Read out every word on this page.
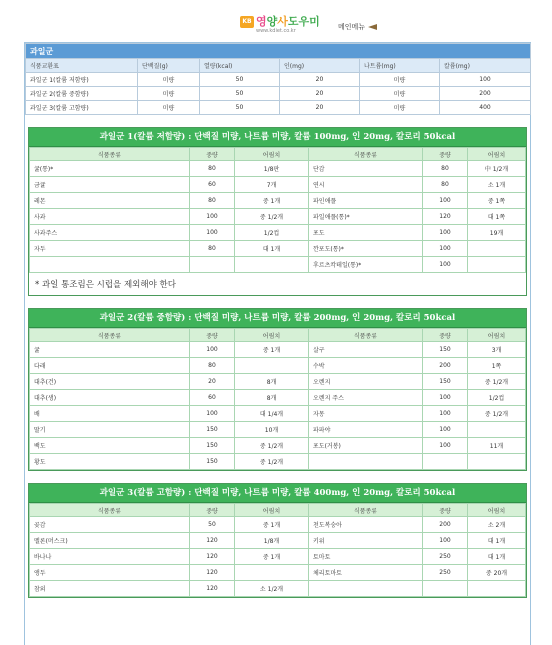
KB 영양사도우미
www.kdiet.co.kr	메인메뉴
과일군					
식품교환표	단백질(g)	열량(kcal)	인(mg)	나트륨(mg)	칼륨(mg)
과일군 1(칼륨 저함량)	미량	50	20	미량	100
과일군 2(칼륨 중함량)	미량	50	20	미량	200
과일군 3(칼륨 고함량)	미량	50	20	미량	400
과일군 1(칼륨 저함량) : 단백질 미량, 나트륨 미량, 칼륨 100mg, 인 20mg, 칼로리 50kcal
식품종류	중량	어림치	식품종류	중량	어림치
귤(통)*	80	1/8판	단감	80	中 1/2개
금귤	60	7개	연시	80	소 1개
레몬	80	중 1개	파인애플	100	중 1쪽
사과	100	중 1/2개	파일애플(통)*	120	대 1쪽
사과주스	100	1/2컵	포도	100	19개
자두	80	대 1개	깐포도(통)*	100	
			후르츠칵테일(통)*	100	
* 과일 통조림은 시럽을 제외해야 한다
과일군 2(칼륨 중함량) : 단백질 미량, 나트륨 미량, 칼륨 200mg, 인 20mg, 칼로리 50kcal
식품종류	중량	어림치	식품종류	중량	어림치
귤	100	중 1개	살구	150	3개
다래	80		수박	200	1쪽
대추(건)	20	8개	오렌지	150	중 1/2개
대추(생)	60	8개	오렌지 주스	100	1/2컵
배	100	대 1/4개	자몽	100	중 1/2개
딸기	150	10개	파파야	100	
백도	150	중 1/2개	포도(거봉)	100	11개
황도	150	중 1/2개			
과일군 3(칼륨 고함량) : 단백질 미량, 나트륨 미량, 칼륨 400mg, 인 20mg, 칼로리 50kcal
식품종류	중량	어림치	식품종류	중량	어림치
곶감	50	중 1개	천도복숭아	200	소 2개
멜론(머스크)	120	1/8개	키위	100	대 1개
바나나	120	중 1개	토마토	250	대 1개
앵두	120		체리토마토	250	중 20개
참외	120	소 1/2개			
